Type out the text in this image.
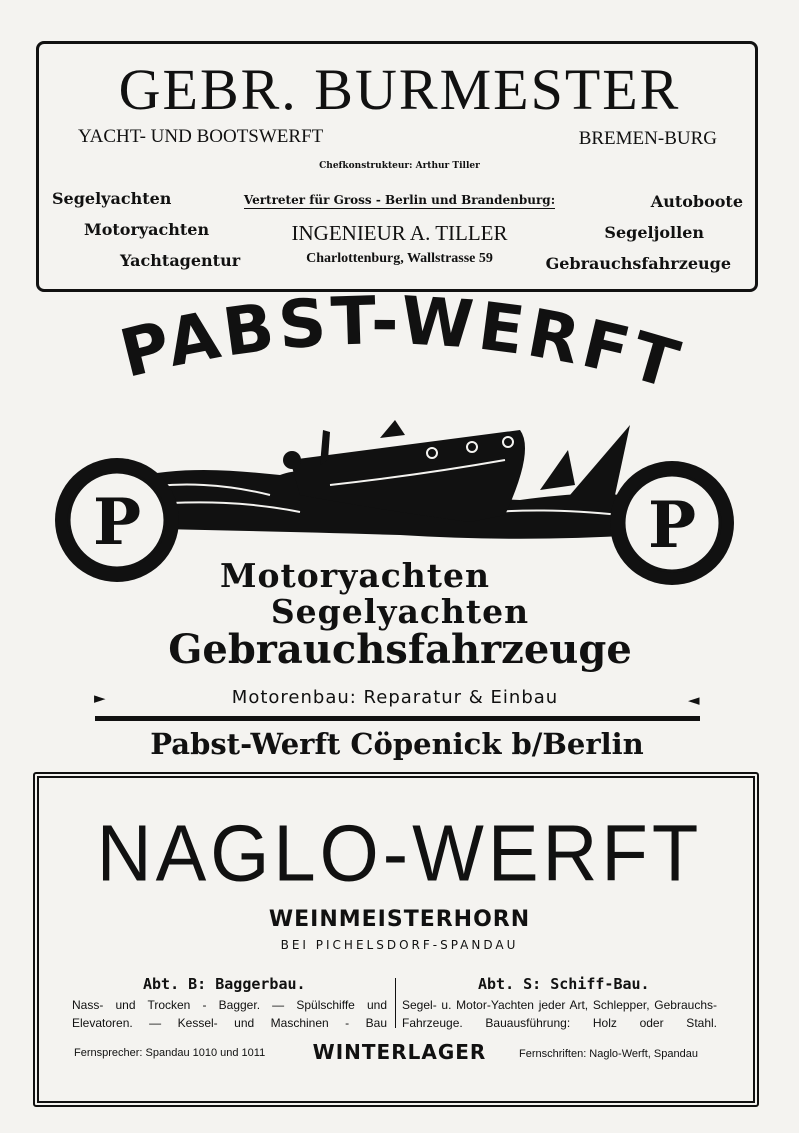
GEBR. BURMESTER
YACHT- UND BOOTSWERFT	BREMEN-BURG
Chefkonstrukteur: Arthur Tiller
Segelyachten
Motoryachten
Yachtagentur
Autoboote
Segeljollen
Gebrauchsfahrzeuge
Vertreter für Gross - Berlin und Brandenburg:
INGENIEUR A. TILLER
Charlottenburg, Wallstrasse 59
PABST-WERFT
P	P
Motoryachten
Segelyachten
Gebrauchsfahrzeuge
►	Motorenbau: Reparatur & Einbau	◄
Pabst-Werft Cöpenick b/Berlin
NAGLO-WERFT
WEINMEISTERHORN
BEI PICHELSDORF-SPANDAU
Abt. B: Baggerbau.
Nass- und Trocken - Bagger. — Spülschiffe und Elevatoren. — Kessel- und Maschinen - Bau
Abt. S: Schiff-Bau.
Segel- u. Motor-Yachten jeder Art, Schlepper, Gebrauchs-Fahrzeuge. Bauausführung: Holz oder Stahl.
Fernsprecher: Spandau 1010 und 1011	WINTERLAGER	Fernschriften: Naglo-Werft, Spandau
